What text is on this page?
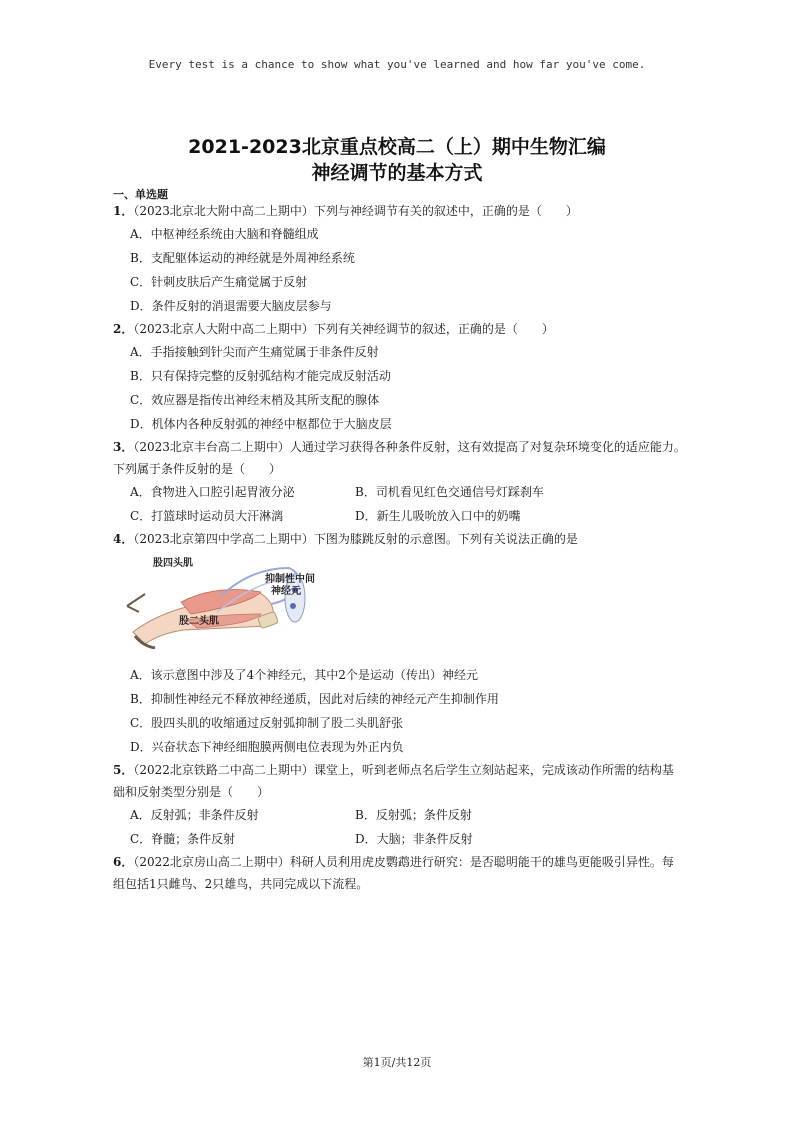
Every test is a chance to show what you've learned and how far you've come.
2021-2023北京重点校高二（上）期中生物汇编
神经调节的基本方式
一、单选题
1．（2023北京北大附中高二上期中）下列与神经调节有关的叙述中，正确的是（　　）
A．中枢神经系统由大脑和脊髓组成
B．支配躯体运动的神经就是外周神经系统
C．针刺皮肤后产生痛觉属于反射
D．条件反射的消退需要大脑皮层参与
2．（2023北京人大附中高二上期中）下列有关神经调节的叙述，正确的是（　　）
A．手指接触到针尖而产生痛觉属于非条件反射
B．只有保持完整的反射弧结构才能完成反射活动
C．效应器是指传出神经末梢及其所支配的腺体
D．机体内各种反射弧的神经中枢都位于大脑皮层
3．（2023北京丰台高二上期中）人通过学习获得各种条件反射，这有效提高了对复杂环境变化的适应能力。
下列属于条件反射的是（　　）
A．食物进入口腔引起胃液分泌	B．司机看见红色交通信号灯踩刹车
C．打篮球时运动员大汗淋漓	D．新生儿吸吮放入口中的奶嘴
4．（2023北京第四中学高二上期中）下图为膝跳反射的示意图。下列有关说法正确的是
股四头肌
抑制性中间
神经元
股二头肌
A．该示意图中涉及了4个神经元，其中2个是运动（传出）神经元
B．抑制性神经元不释放神经递质，因此对后续的神经元产生抑制作用
C．股四头肌的收缩通过反射弧抑制了股二头肌舒张
D．兴奋状态下神经细胞膜两侧电位表现为外正内负
5．（2022北京铁路二中高二上期中）课堂上，听到老师点名后学生立刻站起来，完成该动作所需的结构基
础和反射类型分别是（　　）
A．反射弧；非条件反射	B．反射弧；条件反射
C．脊髓；条件反射	D．大脑；非条件反射
6．（2022北京房山高二上期中）科研人员利用虎皮鹦鹉进行研究：是否聪明能干的雄鸟更能吸引异性。每
组包括1只雌鸟、2只雄鸟，共同完成以下流程。
第1页/共12页
